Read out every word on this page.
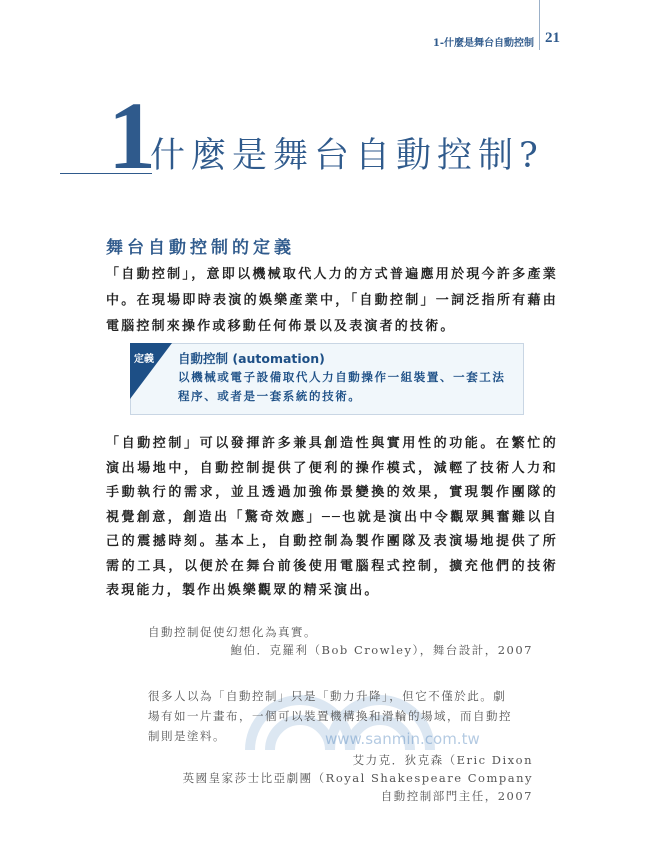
1-什麼是舞台自動控制 21
1
什麼是舞台自動控制?
舞台自動控制的定義
「自動控制」，意即以機械取代人力的方式普遍應用於現今許多產業中。在現場即時表演的娛樂產業中，「自動控制」一詞泛指所有藉由電腦控制來操作或移動任何佈景以及表演者的技術。
定義 自動控制 (automation)
以機械或電子設備取代人力自動操作一組裝置、一套工法程序、或者是一套系統的技術。
「自動控制」可以發揮許多兼具創造性與實用性的功能。在繁忙的演出場地中，自動控制提供了便利的操作模式，減輕了技術人力和手動執行的需求，並且透過加強佈景變換的效果，實現製作團隊的視覺創意，創造出「驚奇效應」──也就是演出中令觀眾興奮難以自己的震撼時刻。基本上，自動控制為製作團隊及表演場地提供了所需的工具，以便於在舞台前後使用電腦程式控制，擴充他們的技術表現能力，製作出娛樂觀眾的精采演出。
www.sanmin.com.tw
自動控制促使幻想化為真實。
鮑伯．克羅利（Bob Crowley），舞台設計，2007
很多人以為「自動控制」只是「動力升降」，但它不僅於此。劇場有如一片畫布，一個可以裝置機構換和滑輪的場域，而自動控制則是塗料。
艾力克．狄克森（Eric Dixon
英國皇家莎士比亞劇團（Royal Shakespeare Company
自動控制部門主任，2007
